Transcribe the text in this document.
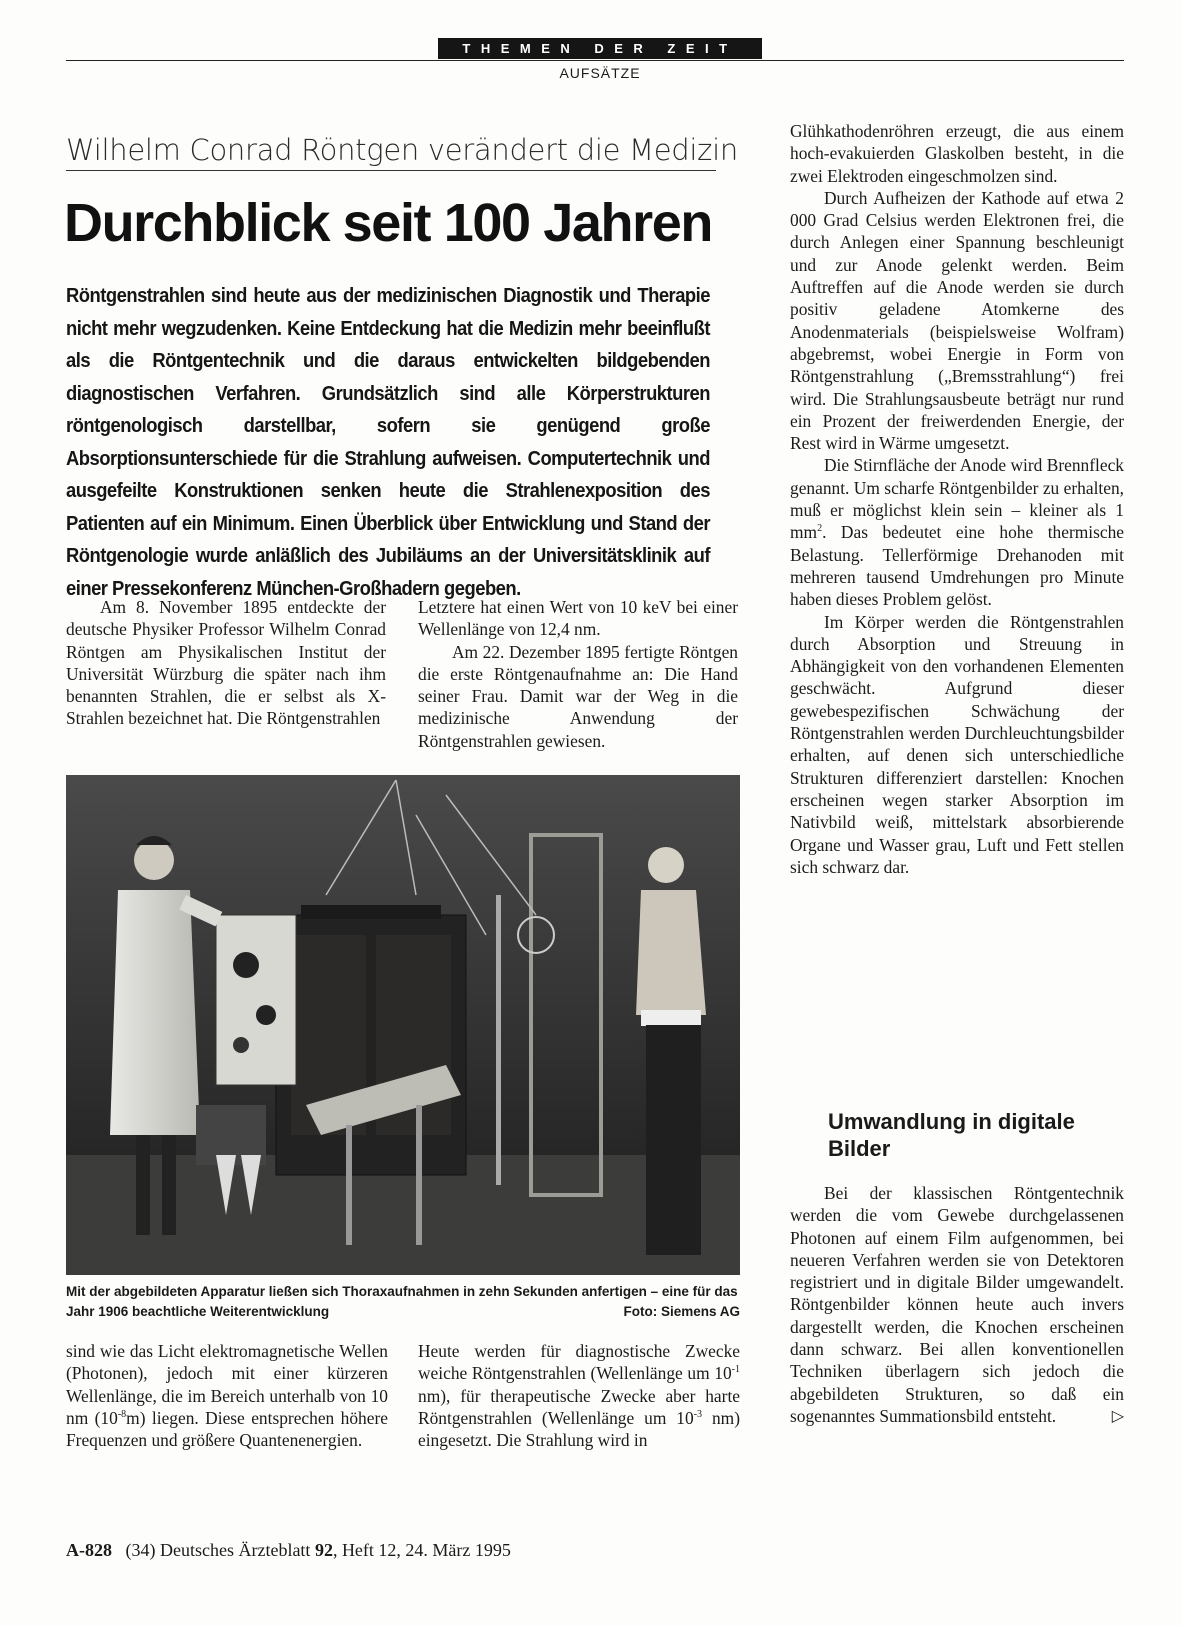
THEMEN DER ZEIT
AUFSÄTZE
Wilhelm Conrad Röntgen verändert die Medizin
Durchblick seit 100 Jahren
Röntgenstrahlen sind heute aus der medizinischen Diagnostik und Therapie nicht mehr wegzudenken. Keine Entdeckung hat die Medizin mehr beeinflußt als die Röntgentechnik und die daraus entwickelten bildgebenden diagnostischen Verfahren. Grundsätzlich sind alle Körperstrukturen röntgenologisch darstellbar, sofern sie genügend große Absorptionsunterschiede für die Strahlung aufweisen. Computertechnik und ausgefeilte Konstruktionen senken heute die Strahlenexposition des Patienten auf ein Minimum. Einen Überblick über Entwicklung und Stand der Röntgenologie wurde anläßlich des Jubiläums an der Universitätsklinik auf einer Pressekonferenz München-Großhadern gegeben.

Am 8. November 1895 entdeckte der deutsche Physiker Professor Wilhelm Conrad Röntgen am Physikalischen Institut der Universität Würzburg die später nach ihm benannten Strahlen, die er selbst als X-Strahlen bezeichnet hat. Die Röntgenstrahlen

Letztere hat einen Wert von 10 keV bei einer Wellenlänge von 12,4 nm.

Am 22. Dezember 1895 fertigte Röntgen die erste Röntgenaufnahme an: Die Hand seiner Frau. Damit war der Weg in die medizinische Anwendung der Röntgenstrahlen gewiesen.

Mit der abgebildeten Apparatur ließen sich Thoraxaufnahmen in zehn Sekunden anfertigen – eine für das Jahr 1906 beachtliche Weiterentwicklung	Foto: Siemens AG

sind wie das Licht elektromagnetische Wellen (Photonen), jedoch mit einer kürzeren Wellenlänge, die im Bereich unterhalb von 10 nm $(10^{-8}m)$ liegen. Diese entsprechen höhere Frequenzen und größere Quantenenergien.

Heute werden für diagnostische Zwecke weiche Röntgenstrahlen (Wellenlänge um $10^{-1}$ nm), für therapeutische Zwecke aber harte Röntgenstrahlen (Wellenlänge um $10^{-3}$ nm) eingesetzt. Die Strahlung wird in

Glühkathodenröhren erzeugt, die aus einem hoch-evakuierden Glaskolben besteht, in die zwei Elektroden eingeschmolzen sind.

Durch Aufheizen der Kathode auf etwa 2 000 Grad Celsius werden Elektronen frei, die durch Anlegen einer Spannung beschleunigt und zur Anode gelenkt werden. Beim Auftreffen auf die Anode werden sie durch positiv geladene Atomkerne des Anodenmaterials (beispielsweise Wolfram) abgebremst, wobei Energie in Form von Röntgenstrahlung („Bremsstrahlung“) frei wird. Die Strahlungsausbeute beträgt nur rund ein Prozent der freiwerdenden Energie, der Rest wird in Wärme umgesetzt.

Die Stirnfläche der Anode wird Brennfleck genannt. Um scharfe Röntgenbilder zu erhalten, muß er möglichst klein sein – kleiner als 1 $mm^2$. Das bedeutet eine hohe thermische Belastung. Tellerförmige Drehanoden mit mehreren tausend Umdrehungen pro Minute haben dieses Problem gelöst.

Im Körper werden die Röntgenstrahlen durch Absorption und Streuung in Abhängigkeit von den vorhandenen Elementen geschwächt. Aufgrund dieser gewebespezifischen Schwächung der Röntgenstrahlen werden Durchleuchtungsbilder erhalten, auf denen sich unterschiedliche Strukturen differenziert darstellen: Knochen erscheinen wegen starker Absorption im Nativbild weiß, mittelstark absorbierende Organe und Wasser grau, Luft und Fett stellen sich schwarz dar.

Umwandlung in digitale Bilder

Bei der klassischen Röntgentechnik werden die vom Gewebe durchgelassenen Photonen auf einem Film aufgenommen, bei neueren Verfahren werden sie von Detektoren registriert und in digitale Bilder umgewandelt. Röntgenbilder können heute auch invers dargestellt werden, die Knochen erscheinen dann schwarz. Bei allen konventionellen Techniken überlagern sich jedoch die abgebildeten Strukturen, so daß ein sogenanntes Summationsbild entsteht.	▷

A-828 (34) Deutsches Ärzteblatt 92, Heft 12, 24. März 1995
